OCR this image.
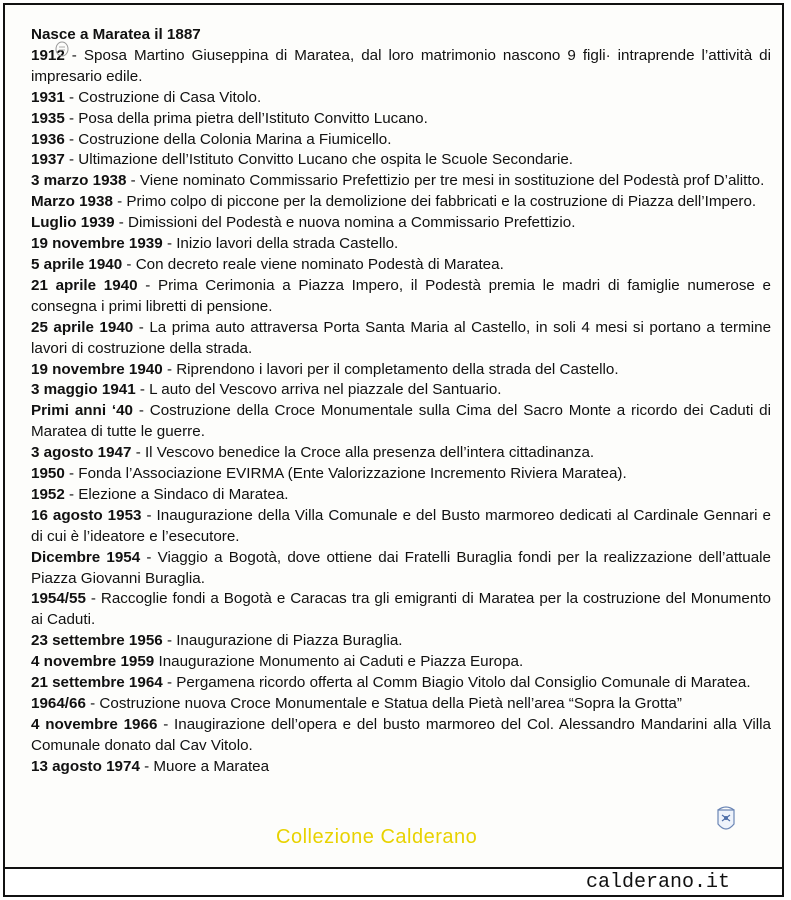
Nasce a Maratea il 1887

1912 - Sposa Martino Giuseppina di Maratea, dal loro matrimonio nascono 9 figli· intraprende l’attività di impresario edile.

1931 - Costruzione di Casa Vitolo.

1935 - Posa della prima pietra dell’Istituto Convitto Lucano.

1936 - Costruzione della Colonia Marina a Fiumicello.

1937 - Ultimazione dell’Istituto Convitto Lucano che ospita le Scuole Secondarie.

3 marzo 1938 - Viene nominato Commissario Prefettizio per tre mesi in sostituzione del Podestà prof D’alitto.

Marzo 1938 - Primo colpo di piccone per la demolizione dei fabbricati e la costruzione di Piazza dell’Impero.

Luglio 1939 - Dimissioni del Podestà e nuova nomina a Commissario Prefettizio.

19 novembre 1939 - Inizio lavori della strada Castello.

5 aprile 1940 - Con decreto reale viene nominato Podestà di Maratea.

21 aprile 1940 - Prima Cerimonia a Piazza Impero, il Podestà premia le madri di famiglie numerose e consegna i primi libretti di pensione.

25 aprile 1940 - La prima auto attraversa Porta Santa Maria al Castello, in soli 4 mesi si portano a termine lavori di costruzione della strada.

19 novembre 1940 - Riprendono i lavori per il completamento della strada del Castello.

3 maggio 1941 - L auto del Vescovo arriva nel piazzale del Santuario.

Primi anni ‘40 - Costruzione della Croce Monumentale sulla Cima del Sacro Monte a ricordo dei Caduti di Maratea di tutte le guerre.

3 agosto 1947 - Il Vescovo benedice la Croce alla presenza dell’intera cittadinanza.

1950 - Fonda l’Associazione EVIRMA (Ente Valorizzazione Incremento Riviera Maratea).

1952 - Elezione a Sindaco di Maratea.

16 agosto 1953 - Inaugurazione della Villa Comunale e del Busto marmoreo dedicati al Cardinale Gennari e di cui è l’ideatore e l’esecutore.

Dicembre 1954 - Viaggio a Bogotà, dove ottiene dai Fratelli Buraglia fondi per la realizzazione dell’attuale Piazza Giovanni Buraglia.

1954/55 - Raccoglie fondi a Bogotà e Caracas tra gli emigranti di Maratea per la costruzione del Monumento ai Caduti.

23 settembre 1956 - Inaugurazione di Piazza Buraglia.

4 novembre 1959 Inaugurazione Monumento ai Caduti e Piazza Europa.

21 settembre 1964 - Pergamena ricordo offerta al Comm Biagio Vitolo dal Consiglio Comunale di Maratea.

1964/66 - Costruzione nuova Croce Monumentale e Statua della Pietà nell’area “Sopra la Grotta”

4 novembre 1966 - Inaugirazione dell’opera e del busto marmoreo del Col. Alessandro Mandarini alla Villa Comunale donato dal Cav Vitolo.

13 agosto 1974 - Muore a Maratea

Collezione Calderano
calderano.it
